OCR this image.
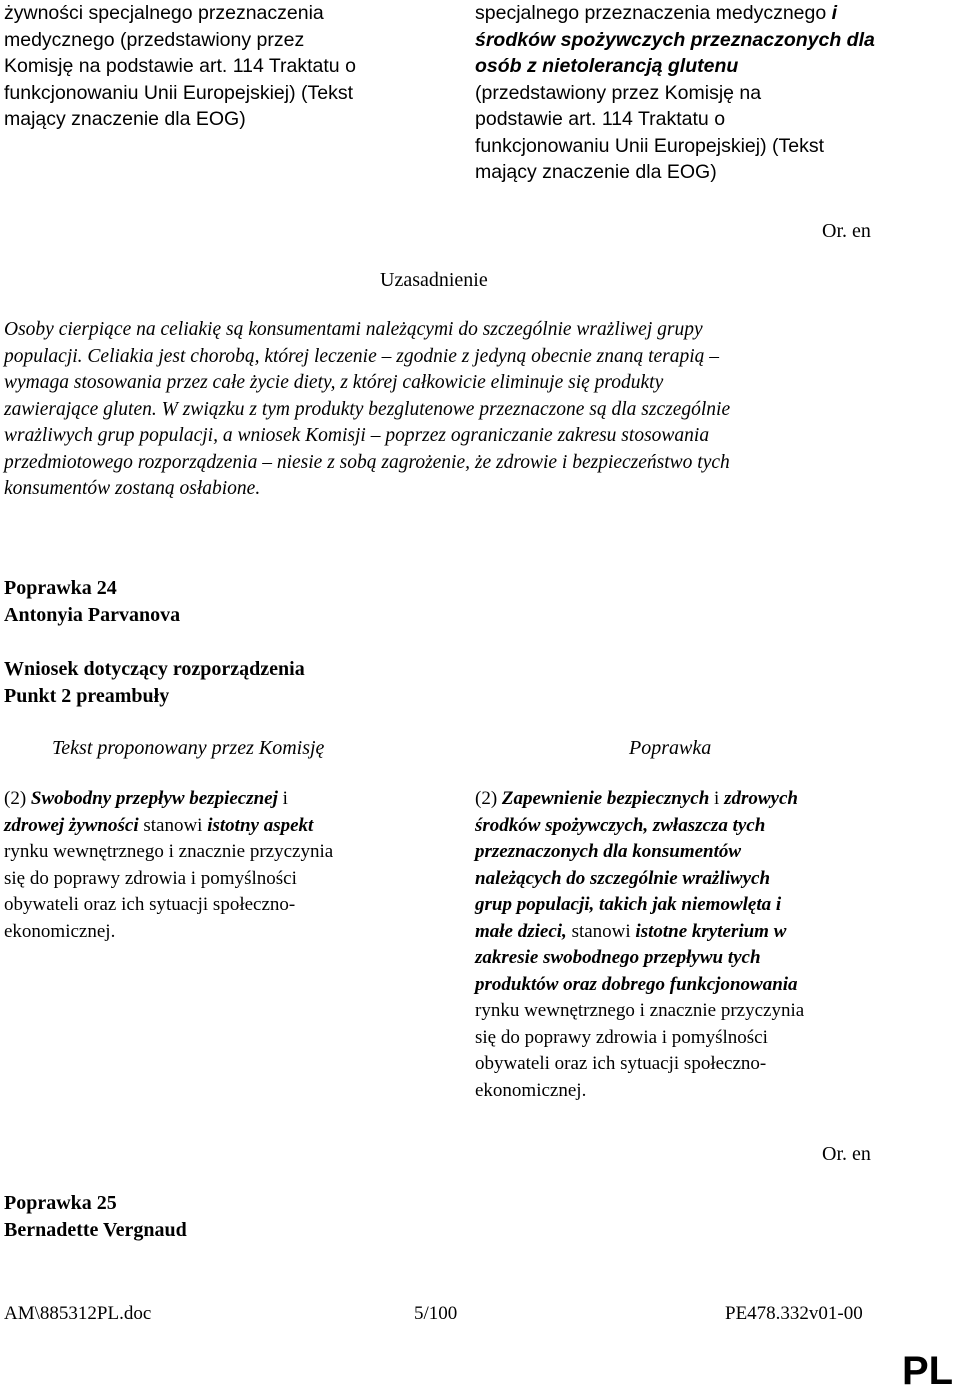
żywności specjalnego przeznaczenia
medycznego (przedstawiony przez
Komisję na podstawie art. 114 Traktatu o
funkcjonowaniu Unii Europejskiej) (Tekst
mający znaczenie dla EOG)
specjalnego przeznaczenia medycznego i
środków spożywczych przeznaczonych dla
osób z nietolerancją glutenu
(przedstawiony przez Komisję na
podstawie art. 114 Traktatu o
funkcjonowaniu Unii Europejskiej) (Tekst
mający znaczenie dla EOG)
Or. en
Uzasadnienie
Osoby cierpiące na celiakię są konsumentami należącymi do szczególnie wrażliwej grupy
populacji. Celiakia jest chorobą, której leczenie – zgodnie z jedyną obecnie znaną terapią –
wymaga stosowania przez całe życie diety, z której całkowicie eliminuje się produkty
zawierające gluten. W związku z tym produkty bezglutenowe przeznaczone są dla szczególnie
wrażliwych grup populacji, a wniosek Komisji – poprzez ograniczanie zakresu stosowania
przedmiotowego rozporządzenia – niesie z sobą zagrożenie, że zdrowie i bezpieczeństwo tych
konsumentów zostaną osłabione.
Poprawka 24
Antonyia Parvanova
Wniosek dotyczący rozporządzenia
Punkt 2 preambuły
Tekst proponowany przez Komisję	Poprawka
(2) Swobodny przepływ bezpiecznej i
zdrowej żywności stanowi istotny aspekt
rynku wewnętrznego i znacznie przyczynia
się do poprawy zdrowia i pomyślności
obywateli oraz ich sytuacji społeczno-
ekonomicznej.
(2) Zapewnienie bezpiecznych i zdrowych
środków spożywczych, zwłaszcza tych
przeznaczonych dla konsumentów
należących do szczególnie wrażliwych
grup populacji, takich jak niemowlęta i
małe dzieci, stanowi istotne kryterium w
zakresie swobodnego przepływu tych
produktów oraz dobrego funkcjonowania
rynku wewnętrznego i znacznie przyczynia
się do poprawy zdrowia i pomyślności
obywateli oraz ich sytuacji społeczno-
ekonomicznej.
Or. en
Poprawka 25
Bernadette Vergnaud
AM\885312PL.doc	5/100	PE478.332v01-00
PL
